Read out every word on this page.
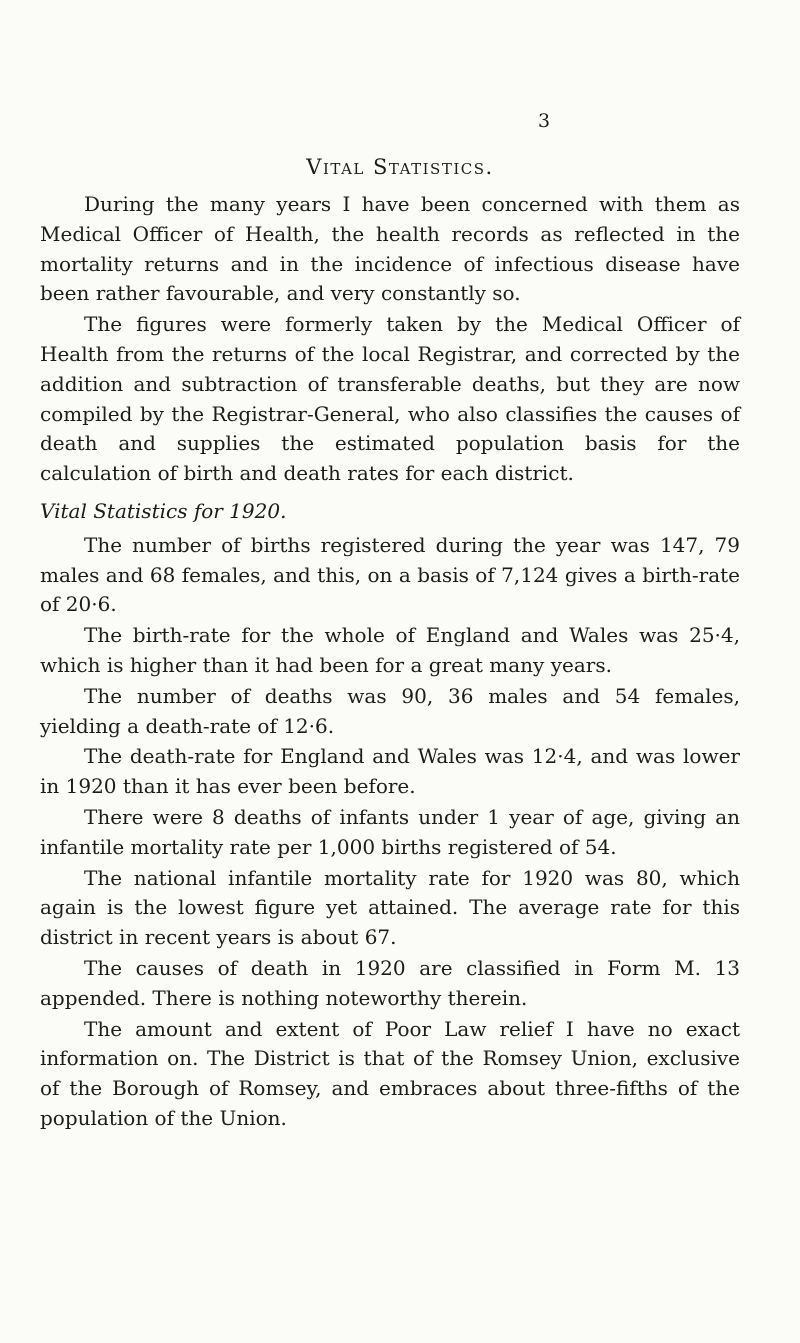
3
Vital Statistics.

During the many years I have been concerned with them as Medical Officer of Health, the health records as reflected in the mortality returns and in the incidence of infectious disease have been rather favourable, and very constantly so.

The figures were formerly taken by the Medical Officer of Health from the returns of the local Registrar, and corrected by the addition and subtraction of transferable deaths, but they are now compiled by the Registrar-General, who also classifies the causes of death and supplies the estimated population basis for the calculation of birth and death rates for each district.

Vital Statistics for 1920.

The number of births registered during the year was 147, 79 males and 68 females, and this, on a basis of 7,124 gives a birth-rate of 20·6.

The birth-rate for the whole of England and Wales was 25·4, which is higher than it had been for a great many years.

The number of deaths was 90, 36 males and 54 females, yielding a death-rate of 12·6.

The death-rate for England and Wales was 12·4, and was lower in 1920 than it has ever been before.

There were 8 deaths of infants under 1 year of age, giving an infantile mortality rate per 1,000 births registered of 54.

The national infantile mortality rate for 1920 was 80, which again is the lowest figure yet attained. The average rate for this district in recent years is about 67.

The causes of death in 1920 are classified in Form M. 13 appended. There is nothing noteworthy therein.

The amount and extent of Poor Law relief I have no exact information on. The District is that of the Romsey Union, exclusive of the Borough of Romsey, and embraces about three-fifths of the population of the Union.
